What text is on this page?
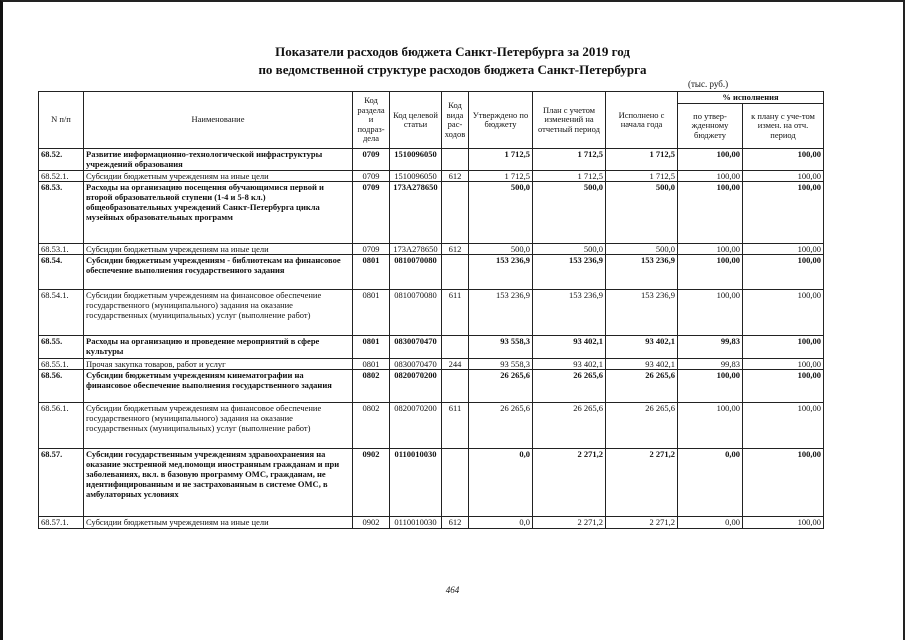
Показатели расходов бюджета Санкт-Петербурга за 2019 год
по ведомственной структуре расходов бюджета Санкт-Петербурга
(тыс. руб.)
N п/п	Наименование	Код раздела и подраз-дела	Код целевой статьи	Код вида рас-ходов	Утверждено по бюджету	План с учетом изменений на отчетный период	Исполнено с начала года	% исполнения	
								по утвер-жденному бюджету	к плану с уче-том измен. на отч. период
68.52.	Развитие информационно-технологической инфраструктуры учреждений образования	0709	1510096050		1 712,5	1 712,5	1 712,5	100,00	100,00
68.52.1.	Субсидии бюджетным учреждениям на иные цели	0709	1510096050	612	1 712,5	1 712,5	1 712,5	100,00	100,00
68.53.	Расходы на организацию посещения обучающимися первой и второй образовательной ступени (1-4 и 5-8 кл.) общеобразовательных учреждений Санкт-Петербурга цикла музейных образовательных программ	0709	173А278650		500,0	500,0	500,0	100,00	100,00
68.53.1.	Субсидии бюджетным учреждениям на иные цели	0709	173А278650	612	500,0	500,0	500,0	100,00	100,00
68.54.	Субсидии бюджетным учреждениям - библиотекам на финансовое обеспечение выполнения государственного задания	0801	0810070080		153 236,9	153 236,9	153 236,9	100,00	100,00
68.54.1.	Субсидии бюджетным учреждениям на финансовое обеспечение государственного (муниципального) задания на оказание государственных (муниципальных) услуг (выполнение работ)	0801	0810070080	611	153 236,9	153 236,9	153 236,9	100,00	100,00
68.55.	Расходы на организацию и проведение мероприятий в сфере культуры	0801	0830070470		93 558,3	93 402,1	93 402,1	99,83	100,00
68.55.1.	Прочая закупка товаров, работ и услуг	0801	0830070470	244	93 558,3	93 402,1	93 402,1	99,83	100,00
68.56.	Субсидии бюджетным учреждениям кинематографии на финансовое обеспечение выполнения государственного задания	0802	0820070200		26 265,6	26 265,6	26 265,6	100,00	100,00
68.56.1.	Субсидии бюджетным учреждениям на финансовое обеспечение государственного (муниципального) задания на оказание государственных (муниципальных) услуг (выполнение работ)	0802	0820070200	611	26 265,6	26 265,6	26 265,6	100,00	100,00
68.57.	Субсидии государственным учреждениям здравоохранения на оказание экстренной мед.помощи иностранным гражданам и при заболеваниях, вкл. в базовую программу ОМС, гражданам, не идентифицированным и не застрахованным в системе ОМС, в амбулаторных условиях	0902	0110010030		0,0	2 271,2	2 271,2	0,00	100,00
68.57.1.	Субсидии бюджетным учреждениям на иные цели	0902	0110010030	612	0,0	2 271,2	2 271,2	0,00	100,00
464
